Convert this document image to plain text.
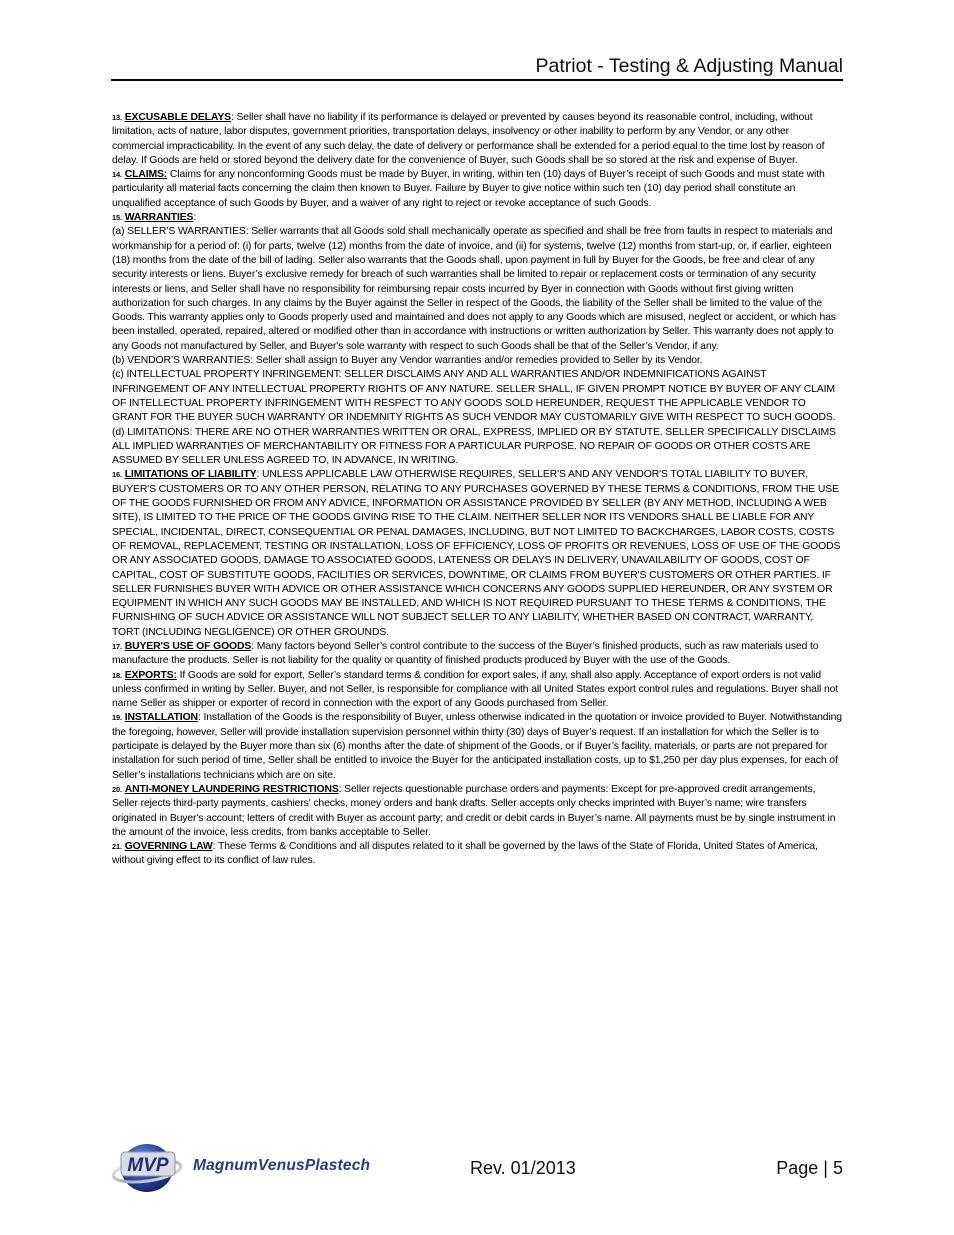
Patriot - Testing & Adjusting Manual

13. EXCUSABLE DELAYS: Seller shall have no liability if its performance is delayed or prevented by causes beyond its reasonable control, including, without limitation, acts of nature, labor disputes, government priorities, transportation delays, insolvency or other inability to perform by any Vendor, or any other commercial impracticability. In the event of any such delay, the date of delivery or performance shall be extended for a period equal to the time lost by reason of delay. If Goods are held or stored beyond the delivery date for the convenience of Buyer, such Goods shall be so stored at the risk and expense of Buyer.

14. CLAIMS: Claims for any nonconforming Goods must be made by Buyer, in writing, within ten (10) days of Buyer’s receipt of such Goods and must state with particularity all material facts concerning the claim then known to Buyer. Failure by Buyer to give notice within such ten (10) day period shall constitute an unqualified acceptance of such Goods by Buyer, and a waiver of any right to reject or revoke acceptance of such Goods.

15. WARRANTIES:

(a) SELLER’S WARRANTIES: Seller warrants that all Goods sold shall mechanically operate as specified and shall be free from faults in respect to materials and workmanship for a period of: (i) for parts, twelve (12) months from the date of invoice, and (ii) for systems, twelve (12) months from start-up, or, if earlier, eighteen (18) months from the date of the bill of lading. Seller also warrants that the Goods shall, upon payment in full by Buyer for the Goods, be free and clear of any security interests or liens. Buyer’s exclusive remedy for breach of such warranties shall be limited to repair or replacement costs or termination of any security interests or liens, and Seller shall have no responsibility for reimbursing repair costs incurred by Byer in connection with Goods without first giving written authorization for such charges. In any claims by the Buyer against the Seller in respect of the Goods, the liability of the Seller shall be limited to the value of the Goods. This warranty applies only to Goods properly used and maintained and does not apply to any Goods which are misused, neglect or accident, or which has been installed, operated, repaired, altered or modified other than in accordance with instructions or written authorization by Seller. This warranty does not apply to any Goods not manufactured by Seller, and Buyer's sole warranty with respect to such Goods shall be that of the Seller’s Vendor, if any.

(b) VENDOR’S WARRANTIES: Seller shall assign to Buyer any Vendor warranties and/or remedies provided to Seller by its Vendor.

(c) INTELLECTUAL PROPERTY INFRINGEMENT: SELLER DISCLAIMS ANY AND ALL WARRANTIES AND/OR INDEMNIFICATIONS AGAINST INFRINGEMENT OF ANY INTELLECTUAL PROPERTY RIGHTS OF ANY NATURE. SELLER SHALL, IF GIVEN PROMPT NOTICE BY BUYER OF ANY CLAIM OF INTELLECTUAL PROPERTY INFRINGEMENT WITH RESPECT TO ANY GOODS SOLD HEREUNDER, REQUEST THE APPLICABLE VENDOR TO GRANT FOR THE BUYER SUCH WARRANTY OR INDEMNITY RIGHTS AS SUCH VENDOR MAY CUSTOMARILY GIVE WITH RESPECT TO SUCH GOODS.

(d) LIMITATIONS: THERE ARE NO OTHER WARRANTIES WRITTEN OR ORAL, EXPRESS, IMPLIED OR BY STATUTE. SELLER SPECIFICALLY DISCLAIMS ALL IMPLIED WARRANTIES OF MERCHANTABILITY OR FITNESS FOR A PARTICULAR PURPOSE. NO REPAIR OF GOODS OR OTHER COSTS ARE ASSUMED BY SELLER UNLESS AGREED TO, IN ADVANCE, IN WRITING.

16. LIMITATIONS OF LIABILITY: UNLESS APPLICABLE LAW OTHERWISE REQUIRES, SELLER'S AND ANY VENDOR'S TOTAL LIABILITY TO BUYER, BUYER'S CUSTOMERS OR TO ANY OTHER PERSON, RELATING TO ANY PURCHASES GOVERNED BY THESE TERMS & CONDITIONS, FROM THE USE OF THE GOODS FURNISHED OR FROM ANY ADVICE, INFORMATION OR ASSISTANCE PROVIDED BY SELLER (BY ANY METHOD, INCLUDING A WEB SITE), IS LIMITED TO THE PRICE OF THE GOODS GIVING RISE TO THE CLAIM. NEITHER SELLER NOR ITS VENDORS SHALL BE LIABLE FOR ANY SPECIAL, INCIDENTAL, DIRECT, CONSEQUENTIAL OR PENAL DAMAGES, INCLUDING, BUT NOT LIMITED TO BACKCHARGES, LABOR COSTS, COSTS OF REMOVAL, REPLACEMENT, TESTING OR INSTALLATION, LOSS OF EFFICIENCY, LOSS OF PROFITS OR REVENUES, LOSS OF USE OF THE GOODS OR ANY ASSOCIATED GOODS, DAMAGE TO ASSOCIATED GOODS, LATENESS OR DELAYS IN DELIVERY, UNAVAILABILITY OF GOODS, COST OF CAPITAL, COST OF SUBSTITUTE GOODS, FACILITIES OR SERVICES, DOWNTIME, OR CLAIMS FROM BUYER'S CUSTOMERS OR OTHER PARTIES. IF SELLER FURNISHES BUYER WITH ADVICE OR OTHER ASSISTANCE WHICH CONCERNS ANY GOODS SUPPLIED HEREUNDER, OR ANY SYSTEM OR EQUIPMENT IN WHICH ANY SUCH GOODS MAY BE INSTALLED, AND WHICH IS NOT REQUIRED PURSUANT TO THESE TERMS & CONDITIONS, THE FURNISHING OF SUCH ADVICE OR ASSISTANCE WILL NOT SUBJECT SELLER TO ANY LIABILITY, WHETHER BASED ON CONTRACT, WARRANTY, TORT (INCLUDING NEGLIGENCE) OR OTHER GROUNDS.

17. BUYER'S USE OF GOODS: Many factors beyond Seller’s control contribute to the success of the Buyer’s finished products, such as raw materials used to manufacture the products. Seller is not liability for the quality or quantity of finished products produced by Buyer with the use of the Goods.

18. EXPORTS: If Goods are sold for export, Seller’s standard terms & condition for export sales, if any, shall also apply. Acceptance of export orders is not valid unless confirmed in writing by Seller. Buyer, and not Seller, is responsible for compliance with all United States export control rules and regulations. Buyer shall not name Seller as shipper or exporter of record in connection with the export of any Goods purchased from Seller.

19. INSTALLATION: Installation of the Goods is the responsibility of Buyer, unless otherwise indicated in the quotation or invoice provided to Buyer. Notwithstanding the foregoing, however, Seller will provide installation supervision personnel within thirty (30) days of Buyer’s request. If an installation for which the Seller is to participate is delayed by the Buyer more than six (6) months after the date of shipment of the Goods, or if Buyer’s facility, materials, or parts are not prepared for installation for such period of time, Seller shall be entitled to invoice the Buyer for the anticipated installation costs, up to $1,250 per day plus expenses, for each of Seller’s installations technicians which are on site.

20. ANTI-MONEY LAUNDERING RESTRICTIONS: Seller rejects questionable purchase orders and payments: Except for pre-approved credit arrangements, Seller rejects third-party payments, cashiers' checks, money orders and bank drafts. Seller accepts only checks imprinted with Buyer’s name; wire transfers originated in Buyer's account; letters of credit with Buyer as account party; and credit or debit cards in Buyer’s name. All payments must be by single instrument in the amount of the invoice, less credits, from banks acceptable to Seller.

21. GOVERNING LAW: These Terms & Conditions and all disputes related to it shall be governed by the laws of the State of Florida, United States of America, without giving effect to its conflict of law rules.

MVP MagnumVenusPlastech	Rev. 01/2013	Page | 5
